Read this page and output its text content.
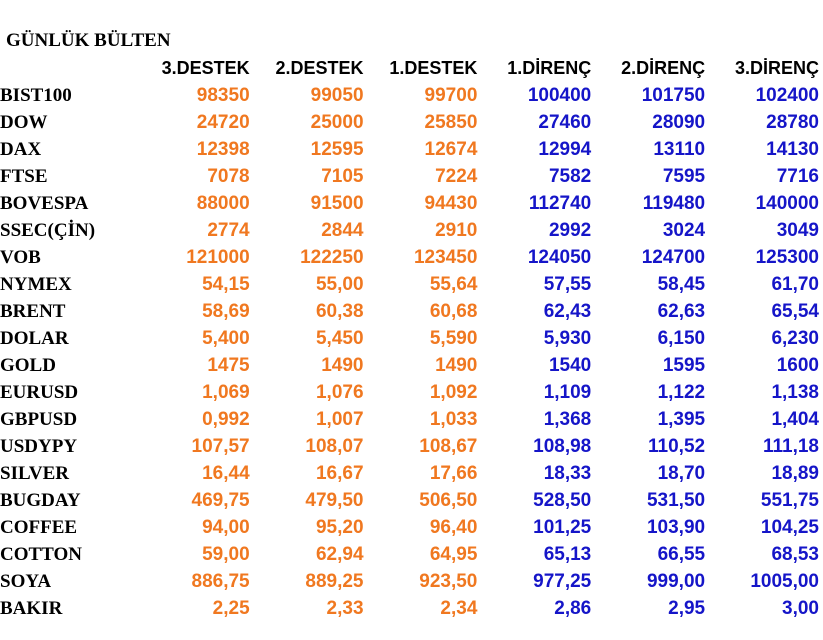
GÜNLÜK BÜLTEN
	3.DESTEK	2.DESTEK	1.DESTEK	1.DİRENÇ	2.DİRENÇ	3.DİRENÇ
BIST100	98350	99050	99700	100400	101750	102400
DOW	24720	25000	25850	27460	28090	28780
DAX	12398	12595	12674	12994	13110	14130
FTSE	7078	7105	7224	7582	7595	7716
BOVESPA	88000	91500	94430	112740	119480	140000
SSEC(ÇİN)	2774	2844	2910	2992	3024	3049
VOB	121000	122250	123450	124050	124700	125300
NYMEX	54,15	55,00	55,64	57,55	58,45	61,70
BRENT	58,69	60,38	60,68	62,43	62,63	65,54
DOLAR	5,400	5,450	5,590	5,930	6,150	6,230
GOLD	1475	1490	1490	1540	1595	1600
EURUSD	1,069	1,076	1,092	1,109	1,122	1,138
GBPUSD	0,992	1,007	1,033	1,368	1,395	1,404
USDYPY	107,57	108,07	108,67	108,98	110,52	111,18
SILVER	16,44	16,67	17,66	18,33	18,70	18,89
BUGDAY	469,75	479,50	506,50	528,50	531,50	551,75
COFFEE	94,00	95,20	96,40	101,25	103,90	104,25
COTTON	59,00	62,94	64,95	65,13	66,55	68,53
SOYA	886,75	889,25	923,50	977,25	999,00	1005,00
BAKIR	2,25	2,33	2,34	2,86	2,95	3,00
